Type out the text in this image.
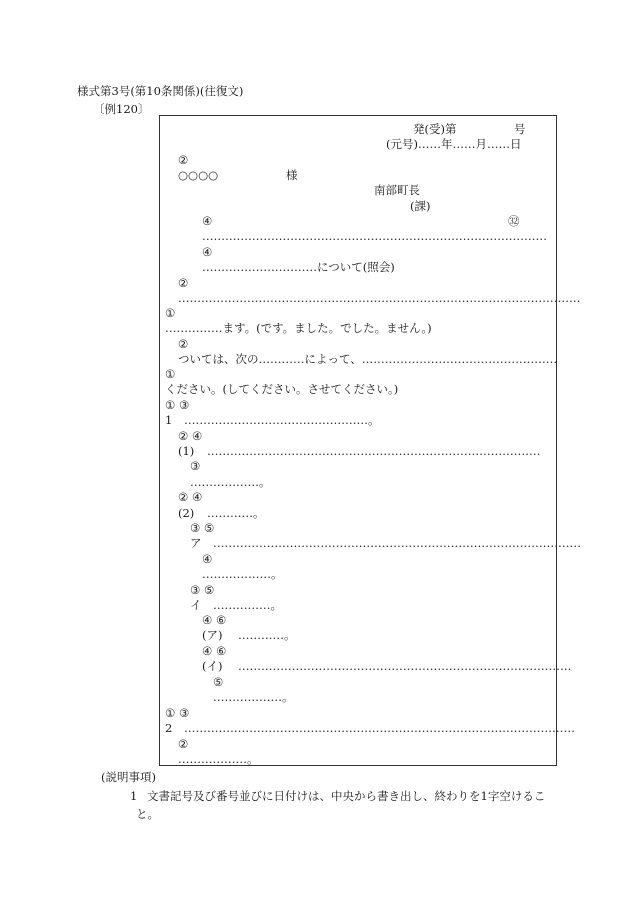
様式第3号(第10条関係)(往復文)
〔例120〕
発(受)第　　　　　号
(元号)……年……月……日
②
○○○○	様
南部町長
(課)
④	㉜
………………………………………………………………………………
④
…………………………について(照会)
②
……………………………………………………………………………………………
①
……………ます。(です。ました。でした。ません。)
②
ついては、次の…………によって、……………………………………………
①
ください。(してください。させてください。)
① ③
1 …………………………………………。
② ④
(1) ……………………………………………………………………………
③
………………。
② ④
(2) …………。
③ ⑤
ア ……………………………………………………………………………………
④
………………。
③ ⑤
イ ……………。
④ ⑥
(ア) …………。
④ ⑥
(イ) ……………………………………………………………………………
⑤
………………。
① ③
2 …………………………………………………………………………………………
②
………………。
(説明事項)
1 文書記号及び番号並びに日付けは、中央から書き出し、終わりを1字空けるこ
と。
